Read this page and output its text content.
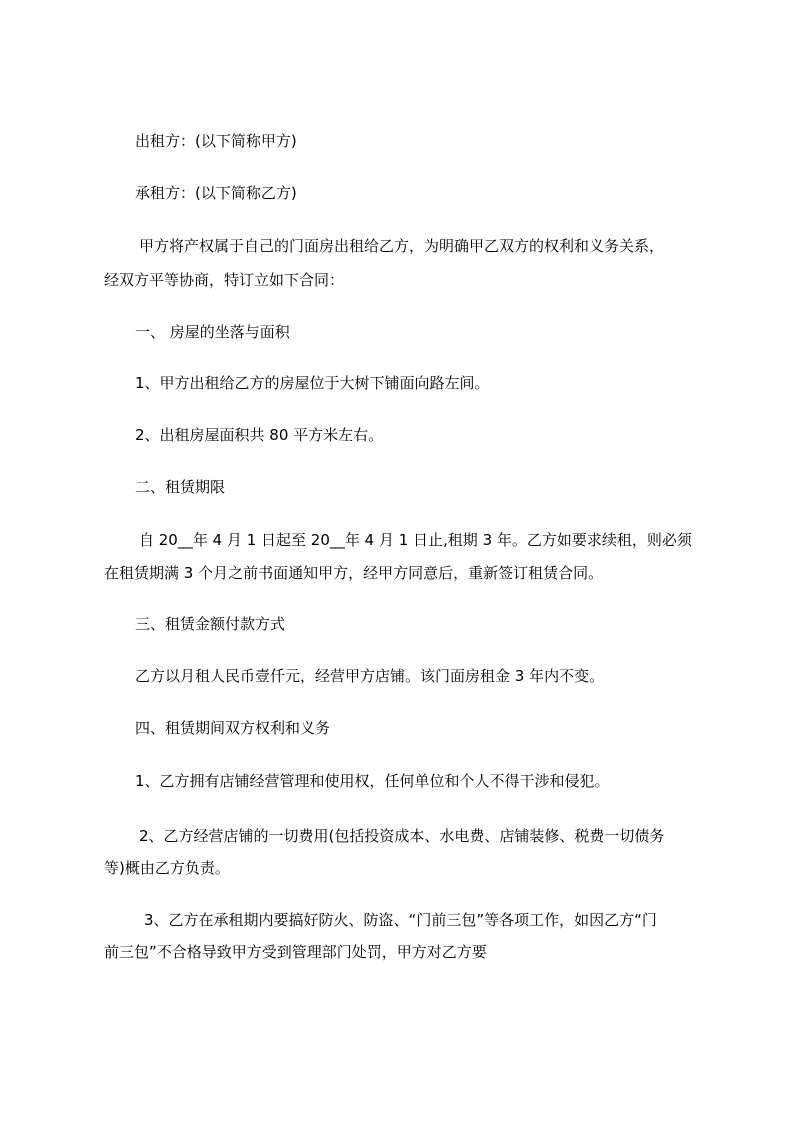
出租方：(以下简称甲方)
承租方：(以下简称乙方)
甲方将产权属于自己的门面房出租给乙方，为明确甲乙双方的权利和义务关系，
经双方平等协商，特订立如下合同：
一、 房屋的坐落与面积
1、甲方出租给乙方的房屋位于大树下铺面向路左间。
2、出租房屋面积共 80 平方米左右。
二、租赁期限
自 20__年 4 月 1 日起至 20__年 4 月 1 日止,租期 3 年。乙方如要求续租，则必须
在租赁期满 3 个月之前书面通知甲方，经甲方同意后，重新签订租赁合同。
三、租赁金额付款方式
乙方以月租人民币壹仟元，经营甲方店铺。该门面房租金 3 年内不变。
四、租赁期间双方权利和义务
1、乙方拥有店铺经营管理和使用权，任何单位和个人不得干涉和侵犯。
2、乙方经营店铺的一切费用(包括投资成本、水电费、店铺装修、税费一切债务
等)概由乙方负责。
3、乙方在承租期内要搞好防火、防盗、“门前三包”等各项工作，如因乙方“门
前三包”不合格导致甲方受到管理部门处罚，甲方对乙方要
